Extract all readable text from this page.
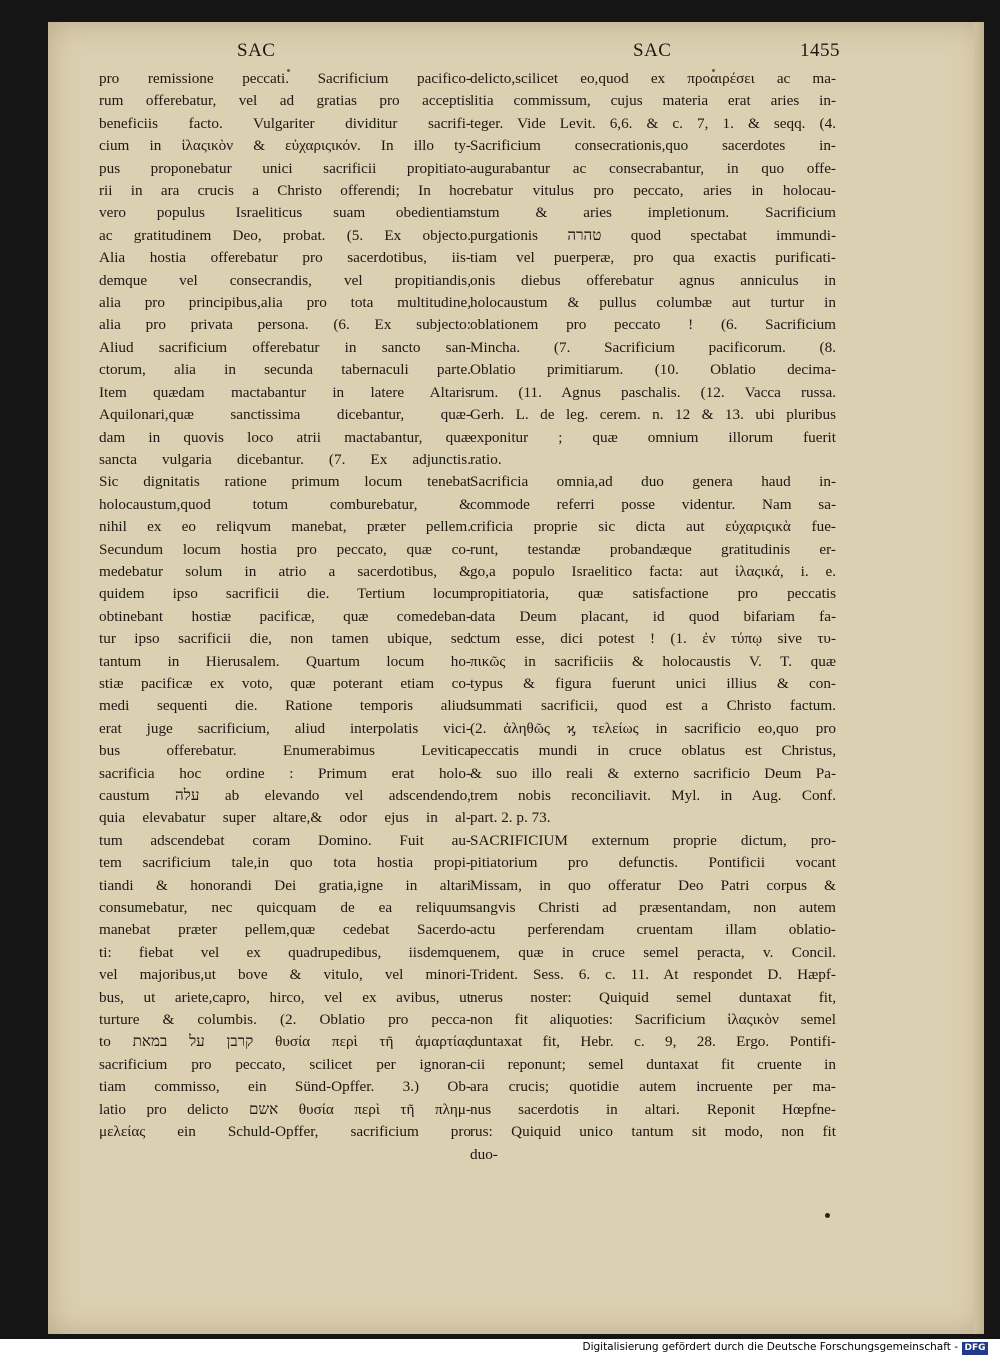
SAC	SAC	1455
pro remissione peccati. Sacrificium pacifico-
rum offerebatur, vel ad gratias pro acceptis
beneficiis facto. Vulgariter dividitur sacrifi-
cium in ἱλαςικὸν & εὐχαριςικόν. In illo ty-
pus proponebatur unici sacrificii propitiato-
rii in ara crucis a Christo offerendi; In hoc
vero populus Israeliticus suam obedientiam
ac gratitudinem Deo, probat. (5. Ex objecto.
Alia hostia offerebatur pro sacerdotibus, iis-
demque vel consecrandis, vel propitiandis,
alia pro principibus,alia pro tota multitudine,
alia pro privata persona. (6. Ex subjecto:
Aliud sacrificium offerebatur in sancto san-
ctorum, alia in secunda tabernaculi parte.
Item quædam mactabantur in latere Altaris
Aquilonari,quæ sanctissima dicebantur, quæ-
dam in quovis loco atrii mactabantur, quæ
sancta vulgaria dicebantur. (7. Ex adjunctis.
Sic dignitatis ratione primum locum tenebat
holocaustum,quod totum comburebatur, &
nihil ex eo reliqvum manebat, præter pellem.
Secundum locum hostia pro peccato, quæ co-
medebatur solum in atrio a sacerdotibus, &
quidem ipso sacrificii die. Tertium locum
obtinebant hostiæ pacificæ, quæ comedeban-
tur ipso sacrificii die, non tamen ubique, sed
tantum in Hierusalem. Quartum locum ho-
stiæ pacificæ ex voto, quæ poterant etiam co-
medi sequenti die. Ratione temporis aliud
erat juge sacrificium, aliud interpolatis vici-
bus offerebatur. Enumerabimus Levitica
sacrificia hoc ordine : Primum erat holo-
caustum עלה ab elevando vel adscendendo,
quia elevabatur super altare,& odor ejus in al-
tum adscendebat coram Domino. Fuit au-
tem sacrificium tale,in quo tota hostia propi-
tiandi & honorandi Dei gratia,igne in altari
consumebatur, nec quicquam de ea reliquum
manebat præter pellem,quæ cedebat Sacerdo-
ti: fiebat vel ex quadrupedibus, iisdemque
vel majoribus,ut bove & vitulo, vel minori-
bus, ut ariete,capro, hirco, vel ex avibus, ut
turture & columbis. (2. Oblatio pro pecca-
to קרבן על במאת θυσία περὶ τῆ ἁμαρτίας
sacrificium pro peccato, scilicet per ignoran-
tiam commisso, ein Sünd-Opffer. 3.) Ob-
latio pro delicto אשם θυσία περὶ τῆ πλημ-
μελείας ein Schuld-Opffer, sacrificium pro
delicto,scilicet eo,quod ex προαιρέσει ac ma-
litia commissum, cujus materia erat aries in-
teger. Vide Levit. 6,6. & c. 7, 1. & seqq. (4.
Sacrificium consecrationis,quo sacerdotes in-
augurabantur ac consecrabantur, in quo offe-
rebatur vitulus pro peccato, aries in holocau-
stum & aries impletionum. Sacrificium
purgationis טהרה quod spectabat immundi-
tiam vel puerperæ, pro qua exactis purificati-
onis diebus offerebatur agnus anniculus in
holocaustum & pullus columbæ aut turtur in
oblationem pro peccato ! (6. Sacrificium
Mincha. (7. Sacrificium pacificorum. (8.
Oblatio primitiarum. (10. Oblatio decima-
rum. (11. Agnus paschalis. (12. Vacca russa.
Gerh. L. de leg. cerem. n. 12 & 13. ubi pluribus
exponitur ; quæ omnium illorum fuerit
ratio.
Sacrificia omnia,ad duo genera haud in-
commode referri posse videntur. Nam sa-
crificia proprie sic dicta aut εὐχαριςικὰ fue-
runt, testandæ probandæque gratitudinis er-
go,a populo Israelitico facta: aut ἱλαςικά, i. e.
propitiatoria, quæ satisfactione pro peccatis
data Deum placant, id quod bifariam fa-
ctum esse, dici potest ! (1. ἐν τύπῳ sive τυ-
πικῶς in sacrificiis & holocaustis V. T. quæ
typus & figura fuerunt unici illius & con-
summati sacrificii, quod est a Christo factum.
(2. ἀληθῶς ϗ τελείως in sacrificio eo,quo pro
peccatis mundi in cruce oblatus est Christus,
& suo illo reali & externo sacrificio Deum Pa-
trem nobis reconciliavit. Myl. in Aug. Conf.
part. 2. p. 73.
SACRIFICIUM externum proprie dictum, pro-
pitiatorium pro defunctis. Pontificii vocant
Missam, in quo offeratur Deo Patri corpus &
sangvis Christi ad præsentandam, non autem
actu perferendam cruentam illam oblatio-
nem, quæ in cruce semel peracta, v. Concil.
Trident. Sess. 6. c. 11. At respondet D. Hæpf-
nerus noster: Quiquid semel duntaxat fit,
non fit aliquoties: Sacrificium ἱλαςικὸν semel
duntaxat fit, Hebr. c. 9, 28. Ergo. Pontifi-
cii reponunt; semel duntaxat fit cruente in
ara crucis; quotidie autem incruente per ma-
nus sacerdotis in altari. Reponit Hœpfne-
rus: Quiquid unico tantum sit modo, non fit
duo-
Digitalisierung gefördert durch die Deutsche Forschungsgemeinschaft - DFG
